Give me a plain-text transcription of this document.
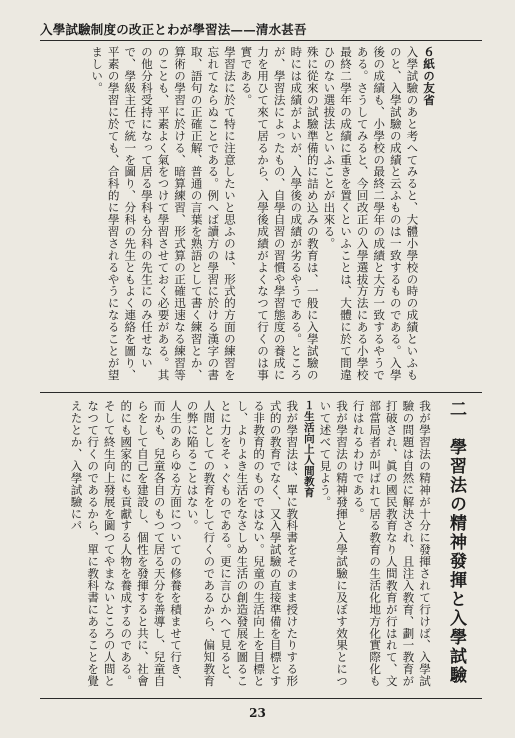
入學試驗制度の改正とわが學習法——清水甚吾

６紙の友省

入學試驗のあと考へてみると、大體小學校の時の成績といふものと、入學試驗の成績と云ふものは一致するものである。入學後の成績も、小學校の最終二學年の成績と大方一致するやうである。さうしてみると、今回改正の入學選拔方法にある小學校最終二學年の成績に重きを置くといふことは、大體に於て間違ひのない選拔法といふことが出來る。

殊に從來の試驗準備的に詰め込みの教育は、一般に入學試驗の時には成績がよいが、入學後の成績が劣るやうである。ところが、學習法によったもの、自學自習の習慣や學習態度の養成に力を用ひて來て居るから、入學後成績がよくなつて行くのは事實である。

學習法に於て特に注意したいと思ふのは、形式的方面の練習を忘れてならぬことである。例へば讀方の學習に於ける漢字の書取、語句の正確正解、普通の言葉を熟語として書く練習とか、算術の學習に於ける、暗算練習、形式算の正確迅速なる練習等のことも、平素よく氣をつけて學習させておく必要がある。其の他分科受持になって居る學科も分科の先生にのみ任せないで、學級主任で統一を圖り、分科の先生ともよく連絡を圖り、平素の學習に於ても、合科的に學習されるやうになることが望ましい。

二　學習法の精神發揮と入學試驗

我が學習法の精神が十分に發揮されて行けば、入學試驗の問題は自然に解決され、且注入教育、劃一教育が打破され、眞の國民教育なり人間教育が行はれて、文部當局者が叫ばれて居る教育の生活化地方化實際化も行はれるわけである。

我が學習法の精神發揮と入學試驗に及ぼす效果とについて述べて見よう。

１生活向上人間教育

我が學習法は、單に教科書をそのまま授けたりする形式的の教育でなく、又入學試驗の直接準備を目標とする非教育的のものではない。兒童の生活向上を目標とし、よりよき生活をなさしめ生活の創造發展を圖ることに力をそゝぐものである。更に言ひかへて見ると、人間としての教育をして行くのであるから、偏知教育の弊に陥ることはない。

人生のあらゆる方面についての修養を積ませて行き、而かも、兒童各自のもつて居る天分を善導し、兒童自らをして自己を建設し、個性を發揮すると共に、社會的にも國家的にも貢獻する人物を養成するのである。そして終生向上發展を圖つてやまないところの人間となつて行くのであるから、單に教科書にあることを覺えたとか、入學試驗にパ

23
